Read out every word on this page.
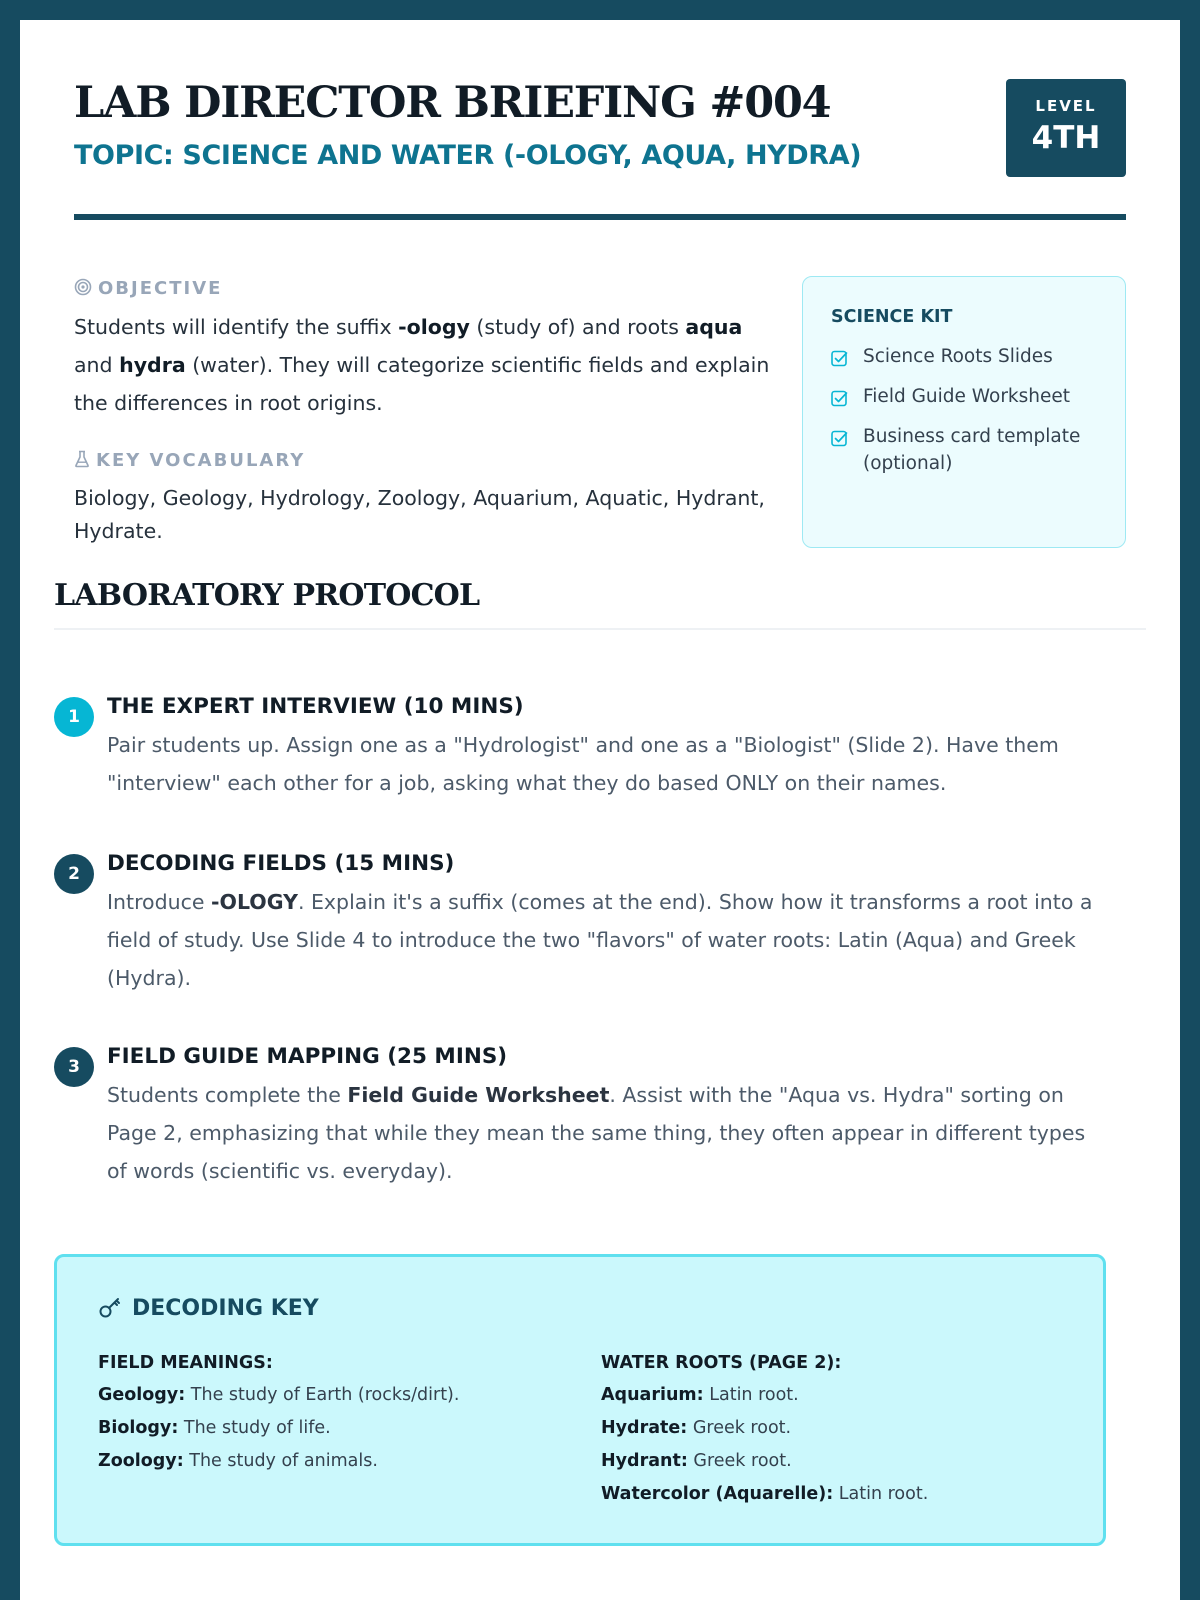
LAB DIRECTOR BRIEFING #004
TOPIC: SCIENCE AND WATER (-OLOGY, AQUA, HYDRA)
LEVEL
4TH
OBJECTIVE

Students will identify the suffix -ology (study of) and roots aqua and hydra (water). They will categorize scientific fields and explain the differences in root origins.

KEY VOCABULARY

Biology, Geology, Hydrology, Zoology, Aquarium, Aquatic, Hydrant, Hydrate.

SCIENCE KIT

Science Roots Slides
Field Guide Worksheet
Business card template (optional)
LABORATORY PROTOCOL
1	THE EXPERT INTERVIEW (10 MINS)

Pair students up. Assign one as a "Hydrologist" and one as a "Biologist" (Slide 2). Have them "interview" each other for a job, asking what they do based ONLY on their names.

2	DECODING FIELDS (15 MINS)

Introduce -OLOGY. Explain it's a suffix (comes at the end). Show how it transforms a root into a field of study. Use Slide 4 to introduce the two "flavors" of water roots: Latin (Aqua) and Greek (Hydra).

3	FIELD GUIDE MAPPING (25 MINS)

Students complete the Field Guide Worksheet. Assist with the "Aqua vs. Hydra" sorting on Page 2, emphasizing that while they mean the same thing, they often appear in different types of words (scientific vs. everyday).

DECODING KEY
FIELD MEANINGS:

Geology: The study of Earth (rocks/dirt).

Biology: The study of life.

Zoology: The study of animals.

WATER ROOTS (PAGE 2):

Aquarium: Latin root.

Hydrate: Greek root.

Hydrant: Greek root.

Watercolor (Aquarelle): Latin root.
